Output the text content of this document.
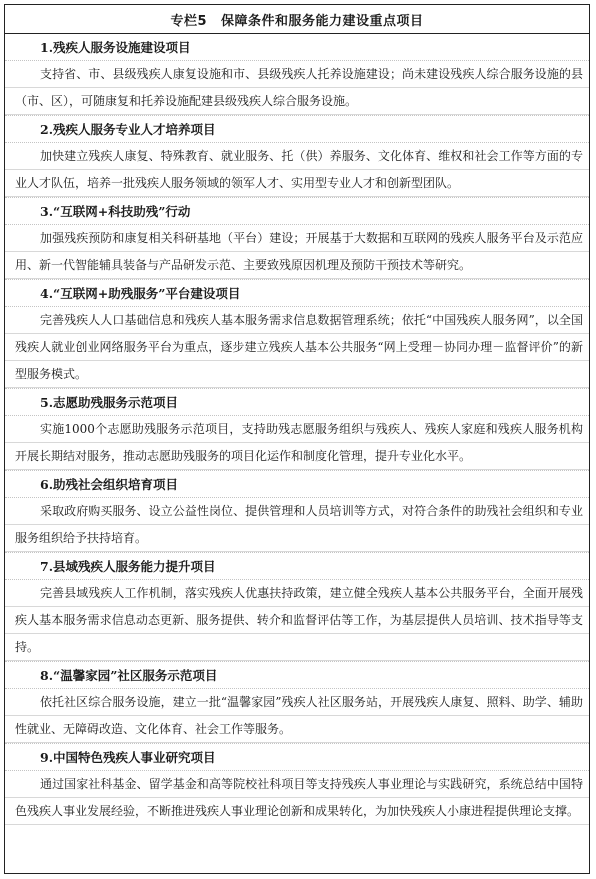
专栏5 保障条件和服务能力建设重点项目
1.残疾人服务设施建设项目
支持省、市、县级残疾人康复设施和市、县级残疾人托养设施建设；尚未建设残疾人综合服务设施的县（市、区），可随康复和托养设施配建县级残疾人综合服务设施。
2.残疾人服务专业人才培养项目
加快建立残疾人康复、特殊教育、就业服务、托（供）养服务、文化体育、维权和社会工作等方面的专业人才队伍，培养一批残疾人服务领域的领军人才、实用型专业人才和创新型团队。
3.“互联网+科技助残”行动
加强残疾预防和康复相关科研基地（平台）建设；开展基于大数据和互联网的残疾人服务平台及示范应用、新一代智能辅具装备与产品研发示范、主要致残原因机理及预防干预技术等研究。
4.“互联网+助残服务”平台建设项目
完善残疾人人口基础信息和残疾人基本服务需求信息数据管理系统；依托“中国残疾人服务网”，以全国残疾人就业创业网络服务平台为重点，逐步建立残疾人基本公共服务“网上受理－协同办理－监督评价”的新型服务模式。
5.志愿助残服务示范项目
实施1000个志愿助残服务示范项目，支持助残志愿服务组织与残疾人、残疾人家庭和残疾人服务机构开展长期结对服务，推动志愿助残服务的项目化运作和制度化管理，提升专业化水平。
6.助残社会组织培育项目
采取政府购买服务、设立公益性岗位、提供管理和人员培训等方式，对符合条件的助残社会组织和专业服务组织给予扶持培育。
7.县域残疾人服务能力提升项目
完善县域残疾人工作机制，落实残疾人优惠扶持政策，建立健全残疾人基本公共服务平台，全面开展残疾人基本服务需求信息动态更新、服务提供、转介和监督评估等工作，为基层提供人员培训、技术指导等支持。
8.“温馨家园”社区服务示范项目
依托社区综合服务设施，建立一批“温馨家园”残疾人社区服务站，开展残疾人康复、照料、助学、辅助性就业、无障碍改造、文化体育、社会工作等服务。
9.中国特色残疾人事业研究项目
通过国家社科基金、留学基金和高等院校社科项目等支持残疾人事业理论与实践研究，系统总结中国特色残疾人事业发展经验，不断推进残疾人事业理论创新和成果转化，为加快残疾人小康进程提供理论支撑。
